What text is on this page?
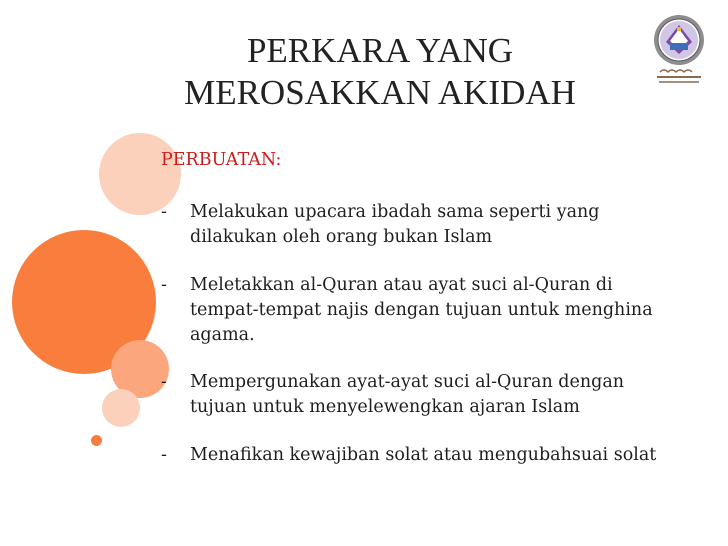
PERKARA YANG
MEROSAKKAN AKIDAH

PERBUATAN:

- Melakukan upacara ibadah sama seperti yang dilakukan oleh orang bukan Islam
- Meletakkan al-Quran atau ayat suci al-Quran di tempat-tempat najis dengan tujuan untuk menghina agama.
- Mempergunakan ayat-ayat suci al-Quran dengan tujuan untuk menyelewengkan ajaran Islam
- Menafikan kewajiban solat atau mengubahsuai solat
